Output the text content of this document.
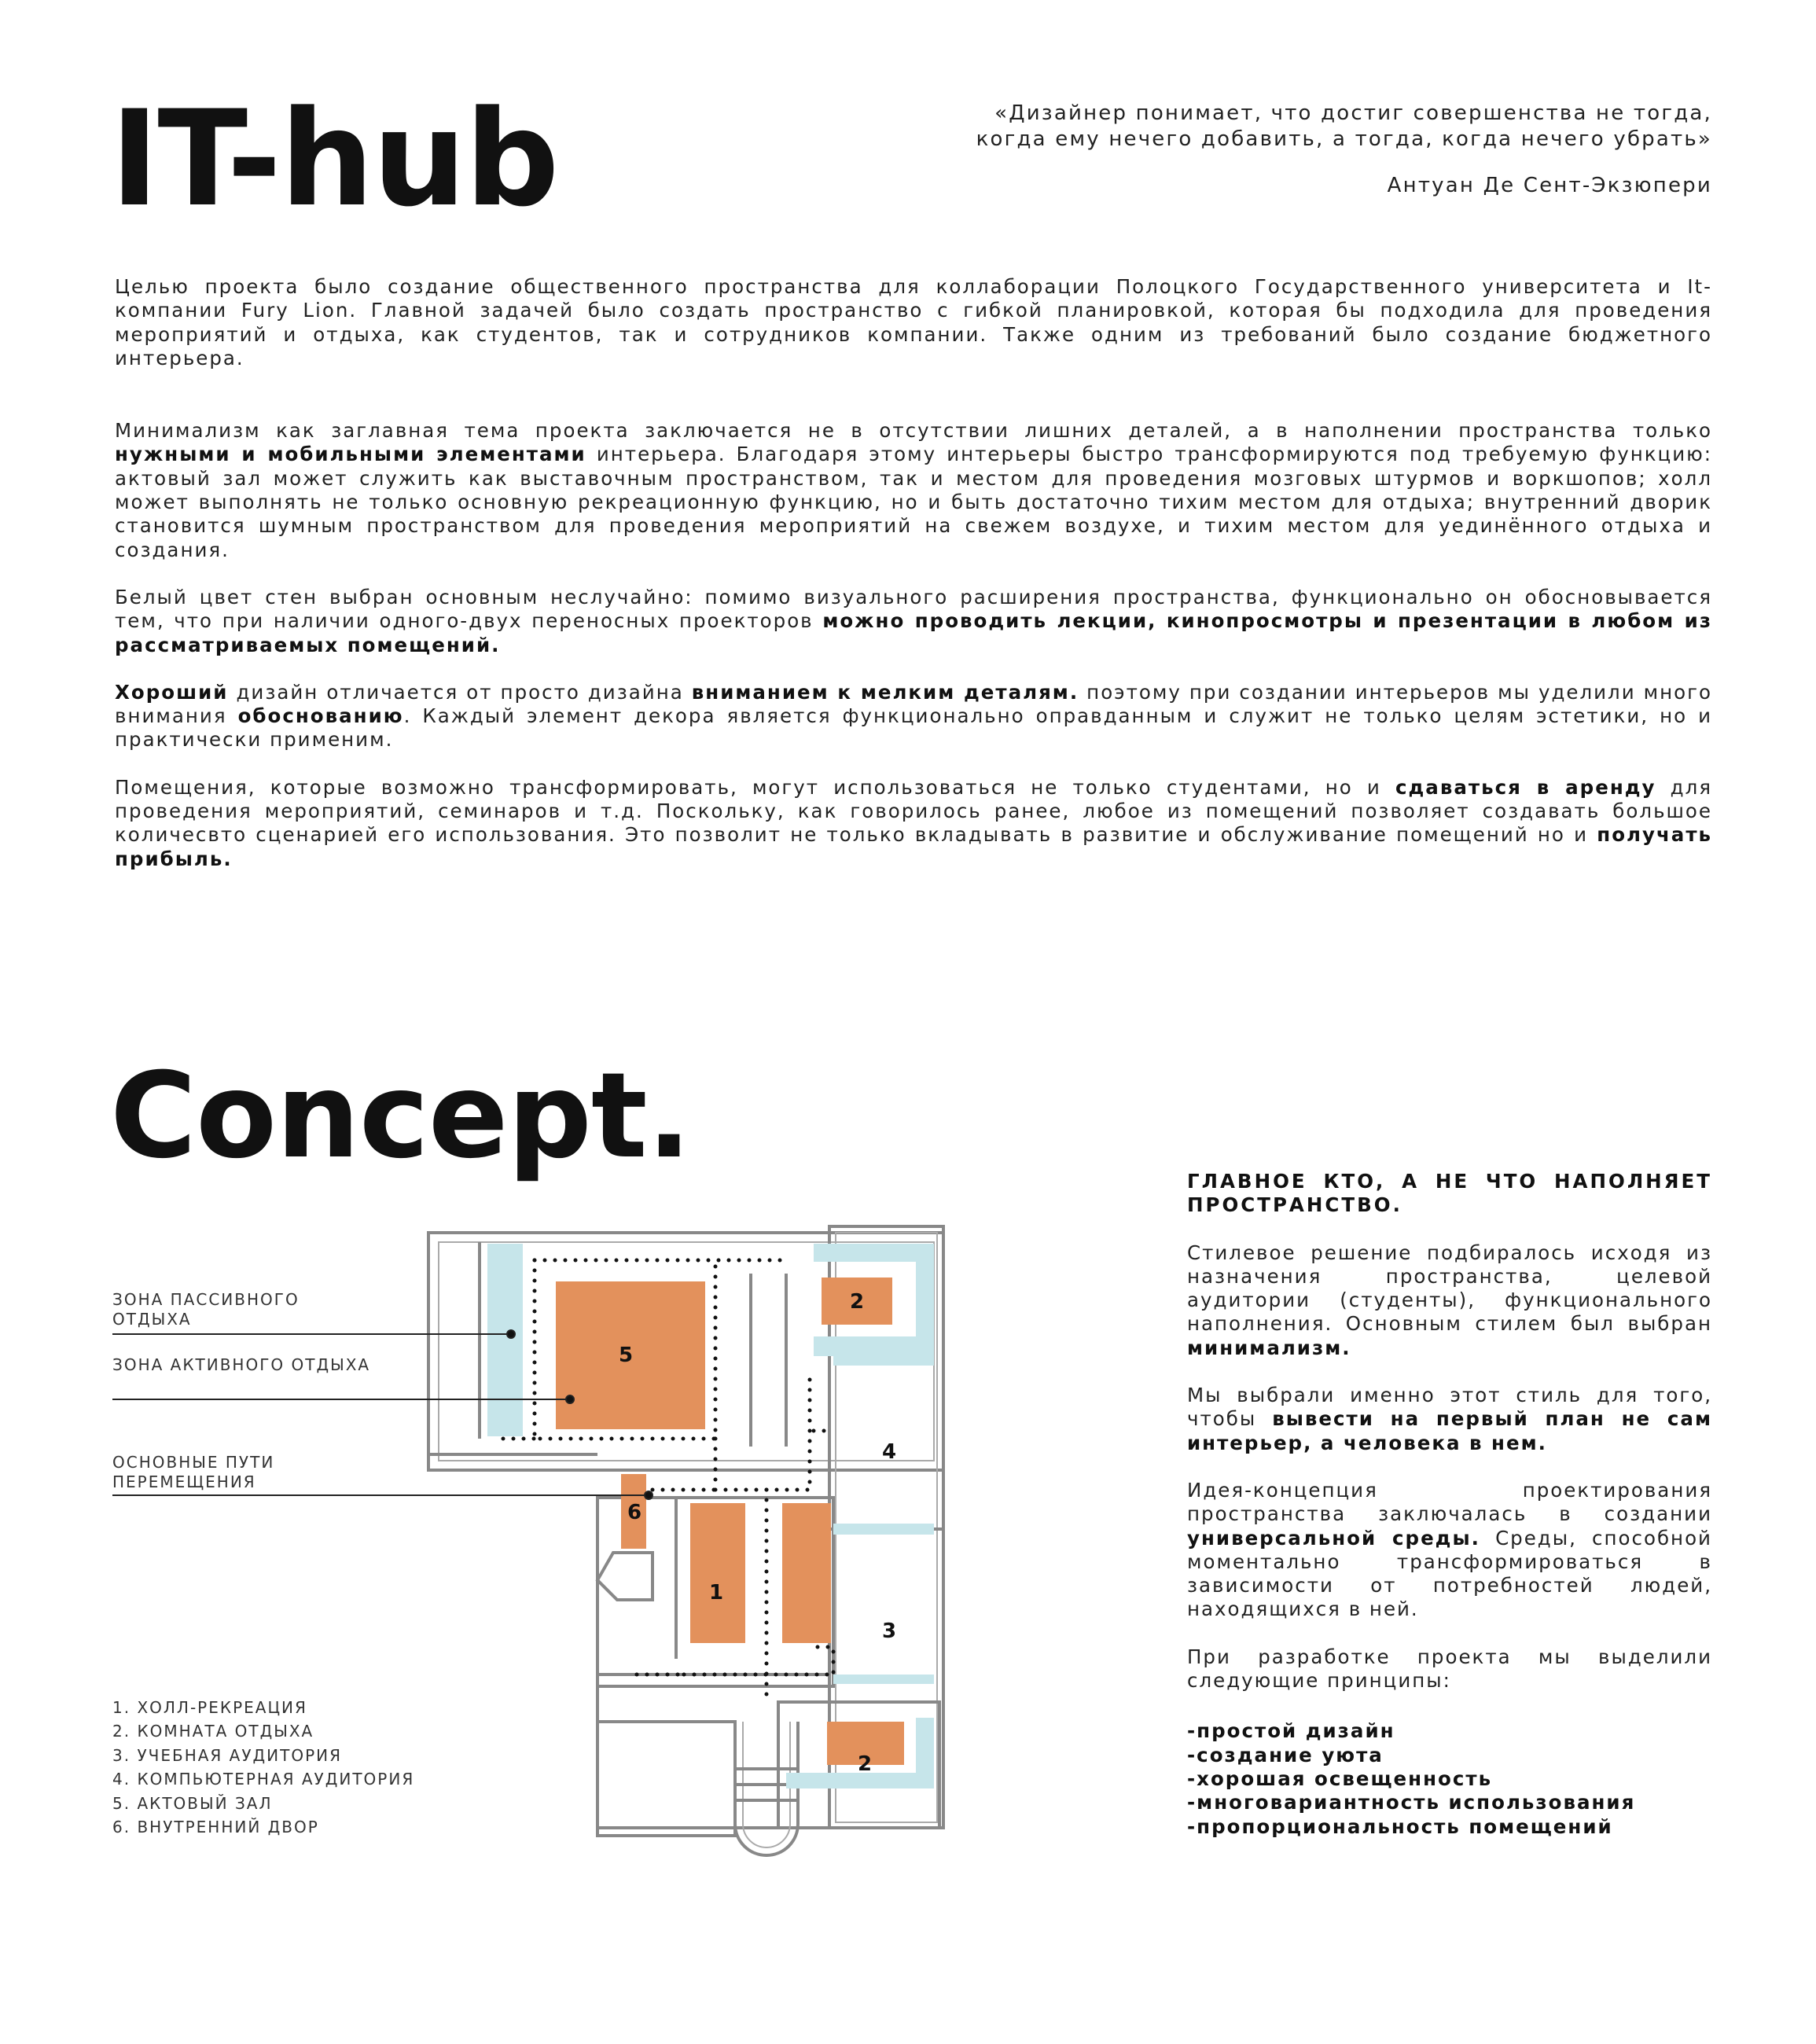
IT-hub	«Дизайнер понимает, что достиг совершенства не тогда,

когда ему нечего добавить, а тогда, когда нечего убрать»

Антуан Де Сент-Экзюпери

Целью проекта было создание общественного пространства для коллаборации Полоцкого Государственного университета и It-компании Fury Lion. Главной задачей было создать пространство с гибкой планировкой, которая бы подходила для проведения мероприятий и отдыха, как студентов, так и сотрудников компании. Также одним из требований было создание бюджетного интерьера.

Минимализм как заглавная тема проекта заключается не в отсутствии лишних деталей, а в наполнении пространства только нужными и мобильными элементами интерьера. Благодаря этому интерьеры быстро трансформируются под требуемую функцию: актовый зал может служить как выставочным пространством, так и местом для проведения мозговых штурмов и воркшопов; холл может выполнять не только основную рекреационную функцию, но и быть достаточно тихим местом для отдыха; внутренний дворик становится шумным пространством для проведения мероприятий на свежем воздухе, и тихим местом для уединённого отдыха и создания.

Белый цвет стен выбран основным неслучайно: помимо визуального расширения пространства, функционально он обосновывается тем, что при наличии одного-двух переносных проекторов можно проводить лекции, кинопросмотры и презентации в любом из рассматриваемых помещений.

Хороший дизайн отличается от просто дизайна вниманием к мелким деталям. поэтому при создании интерьеров мы уделили много внимания обоснованию. Каждый элемент декора является функционально оправданным и служит не только целям эстетики, но и практически применим.

Помещения, которые возможно трансформировать, могут использоваться не только студентами, но и сдаваться в аренду для проведения мероприятий, семинаров и т.д. Поскольку, как говорилось ранее, любое из помещений позволяет создавать большое количесвто сценарией его использования. Это позволит не только вкладывать в развитие и обслуживание помещений но и получать прибыль.

Concept.	ГЛАВНОЕ КТО, А НЕ ЧТО НАПОЛНЯЕТ ПРОСТРАНСТВО.

Стилевое решение подбиралось исходя из назначения пространства, целевой аудитории (студенты), функционального наполнения. Основным стилем был выбран минимализм.

Мы выбрали именно этот стиль для того, чтобы вывести на первый план не сам интерьер, а человека в нем.

Идея-концепция проектирования пространства заключалась в создании универсальной среды. Среды, способной моментально трансформироваться в зависимости от потребностей людей, находящихся в ней.

При разработке проекта мы выделили следующие принципы:

-простой дизайн
-создание уюта
-хорошая освещенность
-многовариантность использования
-пропорциональность помещений
ЗОНА ПАССИВНОГО ОТДЫХА
ЗОНА АКТИВНОГО ОТДЫХА
ОСНОВНЫЕ ПУТИ ПЕРЕМЕЩЕНИЯ
1. ХОЛЛ-РЕКРЕАЦИЯ
2. КОМНАТА ОТДЫХА
3. УЧЕБНАЯ АУДИТОРИЯ
4. КОМПЬЮТЕРНАЯ АУДИТОРИЯ
5. АКТОВЫЙ ЗАЛ
6. ВНУТРЕННИЙ ДВОР
5
2
4
6
1
3
2
